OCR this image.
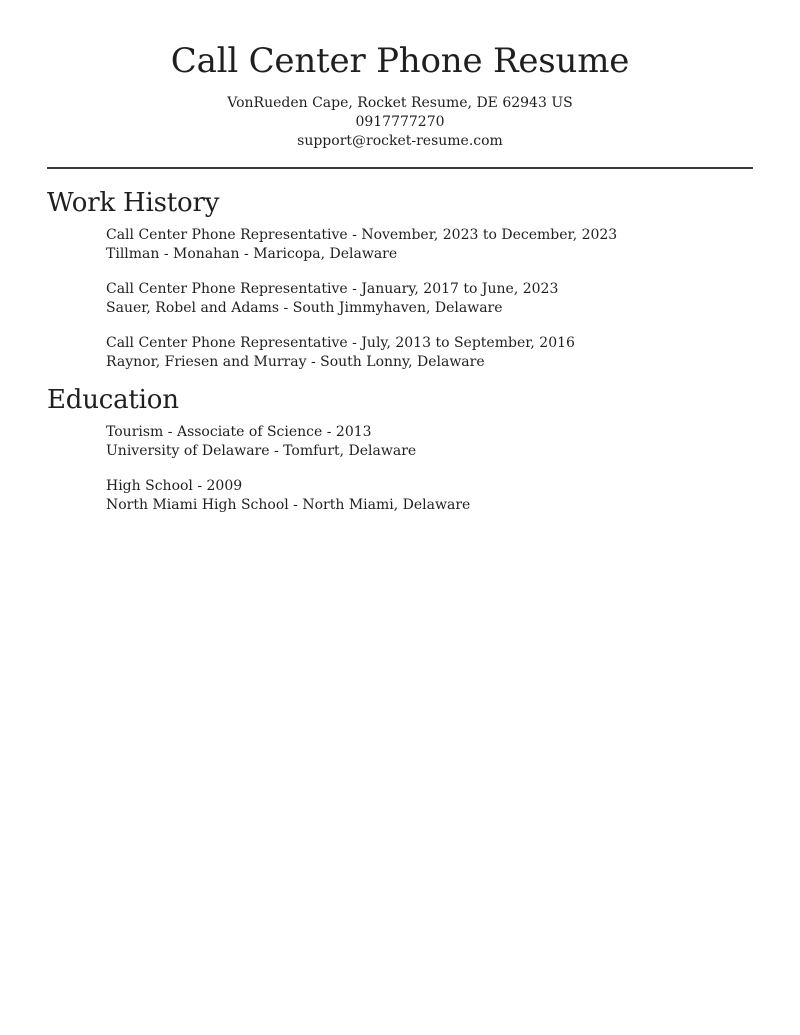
Call Center Phone Resume
VonRueden Cape, Rocket Resume, DE 62943 US
0917777270
support@rocket-resume.com
Work History
Call Center Phone Representative - November, 2023 to December, 2023
Tillman - Monahan - Maricopa, Delaware
Call Center Phone Representative - January, 2017 to June, 2023
Sauer, Robel and Adams - South Jimmyhaven, Delaware
Call Center Phone Representative - July, 2013 to September, 2016
Raynor, Friesen and Murray - South Lonny, Delaware
Education
Tourism - Associate of Science - 2013
University of Delaware - Tomfurt, Delaware
High School - 2009
North Miami High School - North Miami, Delaware
